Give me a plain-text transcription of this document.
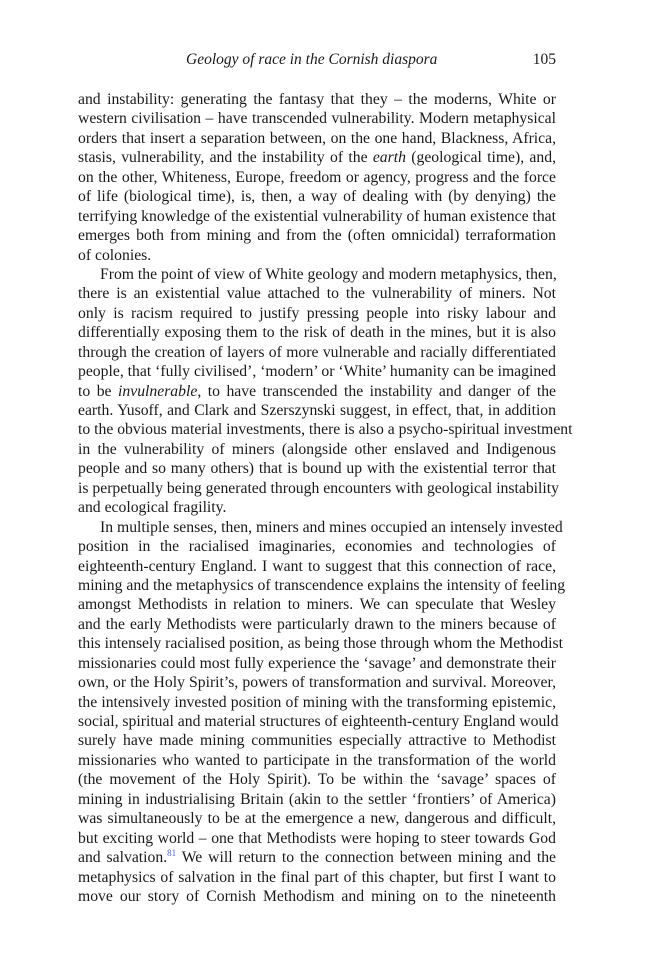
Geology of race in the Cornish diaspora	105
and instability: generating the fantasy that they – the moderns, White or
western civilisation – have transcended vulnerability. Modern metaphysical
orders that insert a separation between, on the one hand, Blackness, Africa,
stasis, vulnerability, and the instability of the earth (geological time), and,
on the other, Whiteness, Europe, freedom or agency, progress and the force
of life (biological time), is, then, a way of dealing with (by denying) the
terrifying knowledge of the existential vulnerability of human existence that
emerges both from mining and from the (often omnicidal) terraformation
of colonies.
From the point of view of White geology and modern metaphysics, then,
there is an existential value attached to the vulnerability of miners. Not
only is racism required to justify pressing people into risky labour and
differentially exposing them to the risk of death in the mines, but it is also
through the creation of layers of more vulnerable and racially differentiated
people, that ‘fully civilised’, ‘modern’ or ‘White’ humanity can be imagined
to be invulnerable, to have transcended the instability and danger of the
earth. Yusoff, and Clark and Szerszynski suggest, in effect, that, in addition
to the obvious material investments, there is also a psycho-spiritual investment
in the vulnerability of miners (alongside other enslaved and Indigenous
people and so many others) that is bound up with the existential terror that
is perpetually being generated through encounters with geological instability
and ecological fragility.
In multiple senses, then, miners and mines occupied an intensely invested
position in the racialised imaginaries, economies and technologies of
eighteenth-century England. I want to suggest that this connection of race,
mining and the metaphysics of transcendence explains the intensity of feeling
amongst Methodists in relation to miners. We can speculate that Wesley
and the early Methodists were particularly drawn to the miners because of
this intensely racialised position, as being those through whom the Methodist
missionaries could most fully experience the ‘savage’ and demonstrate their
own, or the Holy Spirit’s, powers of transformation and survival. Moreover,
the intensively invested position of mining with the transforming epistemic,
social, spiritual and material structures of eighteenth-century England would
surely have made mining communities especially attractive to Methodist
missionaries who wanted to participate in the transformation of the world
(the movement of the Holy Spirit). To be within the ‘savage’ spaces of
mining in industrialising Britain (akin to the settler ‘frontiers’ of America)
was simultaneously to be at the emergence a new, dangerous and difficult,
but exciting world – one that Methodists were hoping to steer towards God
and salvation.$^{81}$ We will return to the connection between mining and the
metaphysics of salvation in the final part of this chapter, but first I want to
move our story of Cornish Methodism and mining on to the nineteenth
